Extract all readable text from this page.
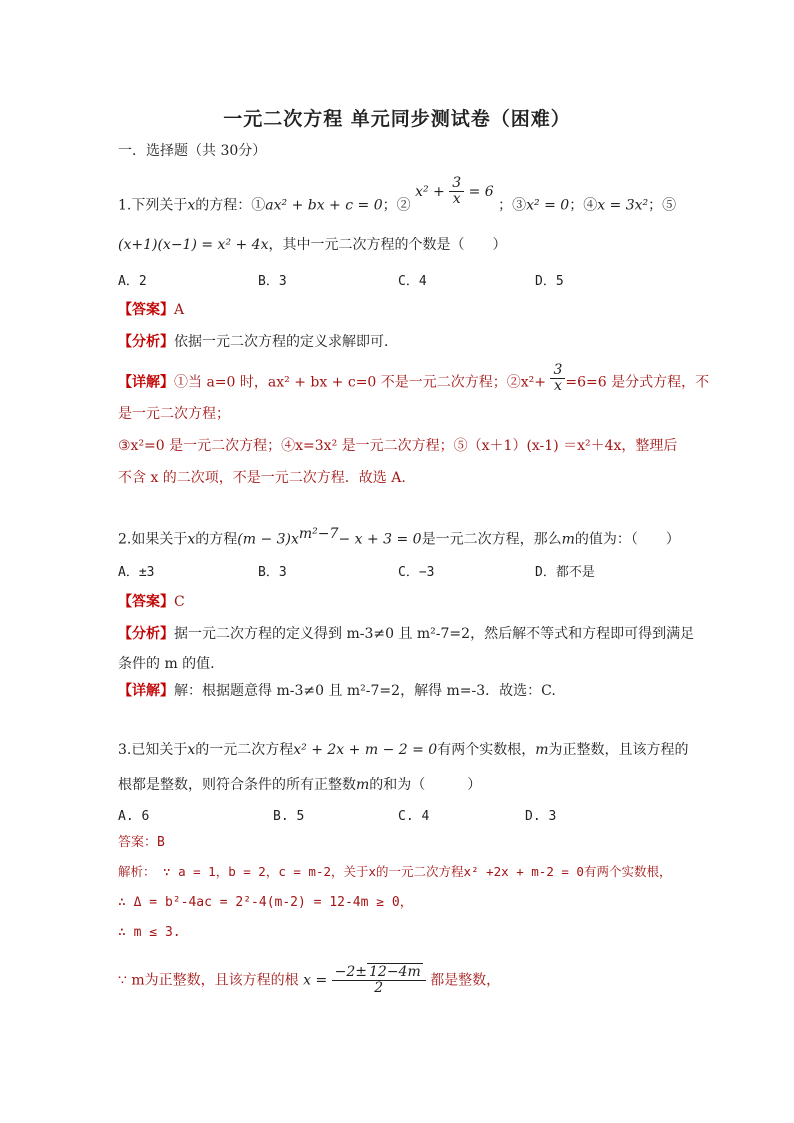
一元二次方程 单元同步测试卷（困难）
一．选择题（共 30分）
1.下列关于x的方程：①ax² + bx + c = 0；② $x^2 + \frac{3}{x} = 6$ ；③x² = 0；④x = 3x²；⑤
(x+1)(x−1) = x² + 4x，其中一元二次方程的个数是（　　）
A．2	B．3	C．4	D．5
【答案】A
【分析】依据一元二次方程的定义求解即可．
【详解】①当 a=0 时，ax² + bx + c=0 不是一元二次方程；②x²+ $\frac{3}{x} =6=6$ 是分式方程，不
是一元二次方程；
③x²=0 是一元二次方程；④x=3x² 是一元二次方程；⑤（x＋1）(x-1) ＝x²＋4x，整理后
不含 x 的二次项，不是一元二次方程．故选 A.
2.如果关于x的方程$(m - 3)x^{m^2-7}- x + 3 = 0$是一元二次方程，那么m的值为：（　　）
A．±3	B．3	C．−3	D．都不是
【答案】C
【分析】据一元二次方程的定义得到 m-3≠0 且 m²-7=2，然后解不等式和方程即可得到满足
条件的 m 的值.
【详解】解：根据题意得 m-3≠0 且 m²-7=2，解得 m=-3．故选：C.
3.已知关于x的一元二次方程x² + 2x + m − 2 = 0有两个实数根，m为正整数，且该方程的
根都是整数，则符合条件的所有正整数m的和为（　　　）
A. 6	B. 5	C. 4	D. 3
答案：B
解析： ∵ a = 1，b = 2，c = m-2，关于x的一元二次方程x² +2x + m-2 = 0有两个实数根，
∴ Δ = b²-4ac = 2²-4(m-2) = 12-4m ≥ 0，
∴ m ≤ 3.
∵ m为正整数，且该方程的根 $x = \frac{-2\pm 12-4m}{2}$ 都是整数，
